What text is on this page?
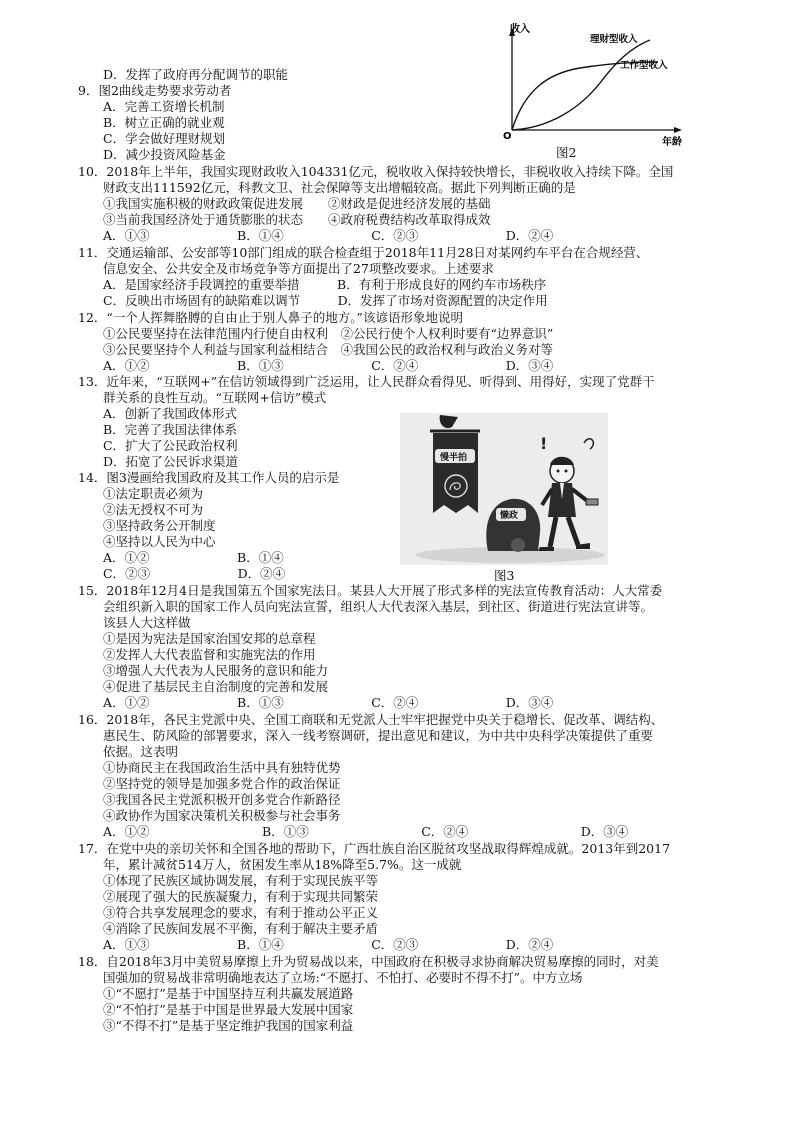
D．发挥了政府再分配调节的职能
9．图2曲线走势要求劳动者
A．完善工资增长机制
B．树立正确的就业观
C．学会做好理财规划
D．减少投资风险基金
10．2018年上半年，我国实现财政收入104331亿元，税收收入保持较快增长，非税收收入持续下降。全国
财政支出111592亿元，科教文卫、社会保障等支出增幅较高。据此下列判断正确的是
①我国实施积极的财政政策促进发展　　②财政是促进经济发展的基础
③当前我国经济处于通货膨胀的状态　　④政府税费结构改革取得成效
A．①③　　　　　　　B．①④　　　　　　　C．②③　　　　　　　D．②④
11．交通运输部、公安部等10部门组成的联合检查组于2018年11月28日对某网约车平台在合规经营、
信息安全、公共安全及市场竞争等方面提出了27项整改要求。上述要求
A．是国家经济手段调控的重要举措　　　B．有利于形成良好的网约车市场秩序
C．反映出市场固有的缺陷难以调节　　　D．发挥了市场对资源配置的决定作用
12．“一个人挥舞胳膊的自由止于别人鼻子的地方。”该谚语形象地说明
①公民要坚持在法律范围内行使自由权利　②公民行使个人权利时要有“边界意识”
③公民要坚持个人利益与国家利益相结合　④我国公民的政治权利与政治义务对等
A．①②　　　　　　　B．①③　　　　　　　C．②④　　　　　　　D．③④
13．近年来，“互联网+”在信访领域得到广泛运用，让人民群众看得见、听得到、用得好，实现了党群干
群关系的良性互动。“互联网+信访”模式
A．创新了我国政体形式
B．完善了我国法律体系
C．扩大了公民政治权利
D．拓宽了公民诉求渠道
14．图3漫画给我国政府及其工作人员的启示是
①法定职责必须为
②法无授权不可为
③坚持政务公开制度
④坚持以人民为中心
A．①②　　　　　　　B．①④
C．②③　　　　　　　D．②④
15．2018年12月4日是我国第五个国家宪法日。某县人大开展了形式多样的宪法宣传教育活动：人大常委
会组织新入职的国家工作人员向宪法宣誓，组织人大代表深入基层，到社区、街道进行宪法宣讲等。
该县人大这样做
①是因为宪法是国家治国安邦的总章程
②发挥人大代表监督和实施宪法的作用
③增强人大代表为人民服务的意识和能力
④促进了基层民主自治制度的完善和发展
A．①②　　　　　　　B．①③　　　　　　　C．②④　　　　　　　D．③④
16．2018年，各民主党派中央、全国工商联和无党派人士牢牢把握党中央关于稳增长、促改革、调结构、
惠民生、防风险的部署要求，深入一线考察调研，提出意见和建议，为中共中央科学决策提供了重要
依据。这表明
①协商民主在我国政治生活中具有独特优势
②坚持党的领导是加强多党合作的政治保证
③我国各民主党派积极开创多党合作新路径
④政协作为国家决策机关积极参与社会事务
A．①②　　　　　　　　　B．①③　　　　　　　　　C．②④　　　　　　　　　D．③④
17．在党中央的亲切关怀和全国各地的帮助下，广西壮族自治区脱贫攻坚战取得辉煌成就。2013年到2017
年，累计减贫514万人，贫困发生率从18%降至5.7%。这一成就
①体现了民族区域协调发展，有利于实现民族平等
②展现了强大的民族凝聚力，有利于实现共同繁荣
③符合共享发展理念的要求，有利于推动公平正义
④消除了民族间发展不平衡，有利于解决主要矛盾
A．①③　　　　　　　B．①④　　　　　　　C．②③　　　　　　　D．②④
18．自2018年3月中美贸易摩擦上升为贸易战以来，中国政府在积极寻求协商解决贸易摩擦的同时，对美
国强加的贸易战非常明确地表达了立场:“不愿打、不怕打、必要时不得不打”。中方立场
①“不愿打”是基于中国坚持互利共赢发展道路
②“不怕打”是基于中国是世界最大发展中国家
③“不得不打”是基于坚定维护我国的国家利益
收入
年龄
O
理财型收入
工作型收入
图2
慢半拍
懒政
!
图3
